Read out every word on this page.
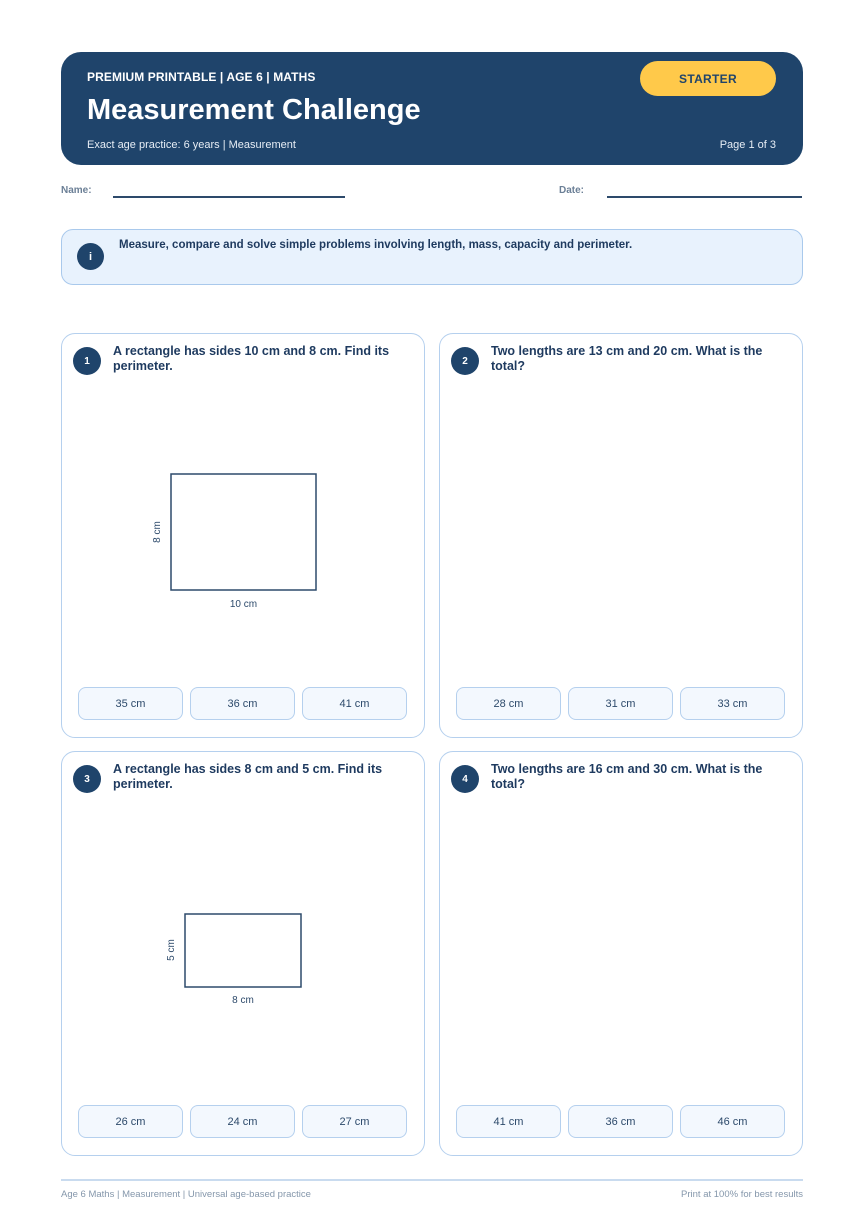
PREMIUM PRINTABLE | AGE 6 | MATHS
Measurement Challenge
Exact age practice: 6 years | Measurement	Page 1 of 3
STARTER
Name:	Date:
i
Measure, compare and solve simple problems involving length, mass, capacity and perimeter.
1
A rectangle has sides 10 cm and 8 cm. Find its perimeter.
10 cm
8 cm
35 cm	36 cm	41 cm
2
Two lengths are 13 cm and 20 cm. What is the total?
28 cm	31 cm	33 cm
3
A rectangle has sides 8 cm and 5 cm. Find its perimeter.
8 cm
5 cm
26 cm	24 cm	27 cm
4
Two lengths are 16 cm and 30 cm. What is the total?
41 cm	36 cm	46 cm
Age 6 Maths | Measurement | Universal age-based practice	Print at 100% for best results
